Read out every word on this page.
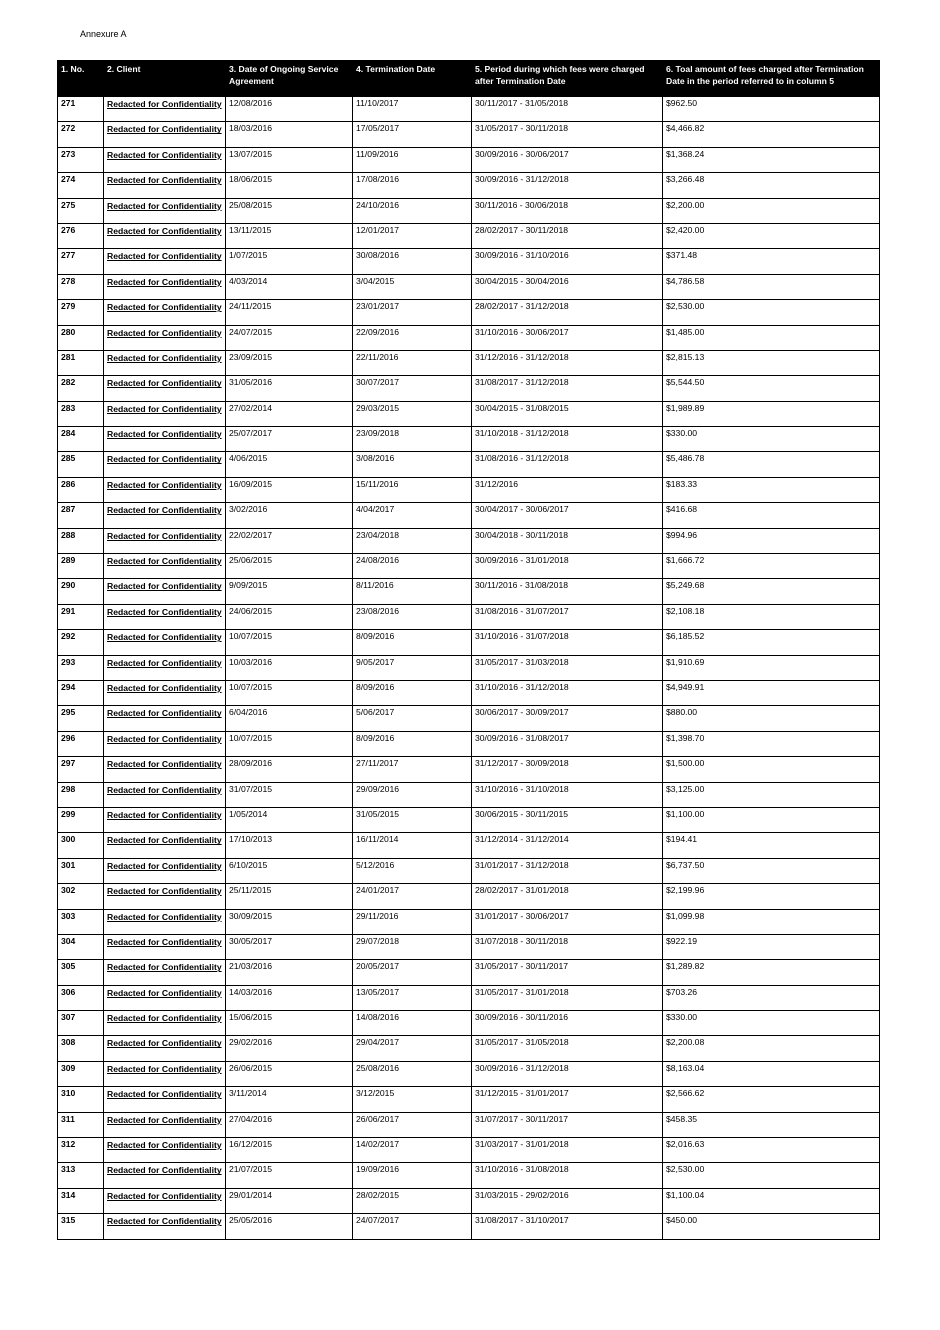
Annexure A
1. No.	2. Client	3. Date of Ongoing Service Agreement	4. Termination Date	5. Period during which fees were charged after Termination Date	6. Toal amount of fees charged after Termination Date in the period referred to in column 5
271	Redacted for Confidentiality	12/08/2016	11/10/2017	30/11/2017 - 31/05/2018	$962.50
272	Redacted for Confidentiality	18/03/2016	17/05/2017	31/05/2017 - 30/11/2018	$4,466.82
273	Redacted for Confidentiality	13/07/2015	11/09/2016	30/09/2016 - 30/06/2017	$1,368.24
274	Redacted for Confidentiality	18/06/2015	17/08/2016	30/09/2016 - 31/12/2018	$3,266.48
275	Redacted for Confidentiality	25/08/2015	24/10/2016	30/11/2016 - 30/06/2018	$2,200.00
276	Redacted for Confidentiality	13/11/2015	12/01/2017	28/02/2017 - 30/11/2018	$2,420.00
277	Redacted for Confidentiality	1/07/2015	30/08/2016	30/09/2016 - 31/10/2016	$371.48
278	Redacted for Confidentiality	4/03/2014	3/04/2015	30/04/2015 - 30/04/2016	$4,786.58
279	Redacted for Confidentiality	24/11/2015	23/01/2017	28/02/2017 - 31/12/2018	$2,530.00
280	Redacted for Confidentiality	24/07/2015	22/09/2016	31/10/2016 - 30/06/2017	$1,485.00
281	Redacted for Confidentiality	23/09/2015	22/11/2016	31/12/2016 - 31/12/2018	$2,815.13
282	Redacted for Confidentiality	31/05/2016	30/07/2017	31/08/2017 - 31/12/2018	$5,544.50
283	Redacted for Confidentiality	27/02/2014	29/03/2015	30/04/2015 - 31/08/2015	$1,989.89
284	Redacted for Confidentiality	25/07/2017	23/09/2018	31/10/2018 - 31/12/2018	$330.00
285	Redacted for Confidentiality	4/06/2015	3/08/2016	31/08/2016 - 31/12/2018	$5,486.78
286	Redacted for Confidentiality	16/09/2015	15/11/2016	31/12/2016	$183.33
287	Redacted for Confidentiality	3/02/2016	4/04/2017	30/04/2017 - 30/06/2017	$416.68
288	Redacted for Confidentiality	22/02/2017	23/04/2018	30/04/2018 - 30/11/2018	$994.96
289	Redacted for Confidentiality	25/06/2015	24/08/2016	30/09/2016 - 31/01/2018	$1,666.72
290	Redacted for Confidentiality	9/09/2015	8/11/2016	30/11/2016 - 31/08/2018	$5,249.68
291	Redacted for Confidentiality	24/06/2015	23/08/2016	31/08/2016 - 31/07/2017	$2,108.18
292	Redacted for Confidentiality	10/07/2015	8/09/2016	31/10/2016 - 31/07/2018	$6,185.52
293	Redacted for Confidentiality	10/03/2016	9/05/2017	31/05/2017 - 31/03/2018	$1,910.69
294	Redacted for Confidentiality	10/07/2015	8/09/2016	31/10/2016 - 31/12/2018	$4,949.91
295	Redacted for Confidentiality	6/04/2016	5/06/2017	30/06/2017 - 30/09/2017	$880.00
296	Redacted for Confidentiality	10/07/2015	8/09/2016	30/09/2016 - 31/08/2017	$1,398.70
297	Redacted for Confidentiality	28/09/2016	27/11/2017	31/12/2017 - 30/09/2018	$1,500.00
298	Redacted for Confidentiality	31/07/2015	29/09/2016	31/10/2016 - 31/10/2018	$3,125.00
299	Redacted for Confidentiality	1/05/2014	31/05/2015	30/06/2015 - 30/11/2015	$1,100.00
300	Redacted for Confidentiality	17/10/2013	16/11/2014	31/12/2014 - 31/12/2014	$194.41
301	Redacted for Confidentiality	6/10/2015	5/12/2016	31/01/2017 - 31/12/2018	$6,737.50
302	Redacted for Confidentiality	25/11/2015	24/01/2017	28/02/2017 - 31/01/2018	$2,199.96
303	Redacted for Confidentiality	30/09/2015	29/11/2016	31/01/2017 - 30/06/2017	$1,099.98
304	Redacted for Confidentiality	30/05/2017	29/07/2018	31/07/2018 - 30/11/2018	$922.19
305	Redacted for Confidentiality	21/03/2016	20/05/2017	31/05/2017 - 30/11/2017	$1,289.82
306	Redacted for Confidentiality	14/03/2016	13/05/2017	31/05/2017 - 31/01/2018	$703.26
307	Redacted for Confidentiality	15/06/2015	14/08/2016	30/09/2016 - 30/11/2016	$330.00
308	Redacted for Confidentiality	29/02/2016	29/04/2017	31/05/2017 - 31/05/2018	$2,200.08
309	Redacted for Confidentiality	26/06/2015	25/08/2016	30/09/2016 - 31/12/2018	$8,163.04
310	Redacted for Confidentiality	3/11/2014	3/12/2015	31/12/2015 - 31/01/2017	$2,566.62
311	Redacted for Confidentiality	27/04/2016	26/06/2017	31/07/2017 - 30/11/2017	$458.35
312	Redacted for Confidentiality	16/12/2015	14/02/2017	31/03/2017 - 31/01/2018	$2,016.63
313	Redacted for Confidentiality	21/07/2015	19/09/2016	31/10/2016 - 31/08/2018	$2,530.00
314	Redacted for Confidentiality	29/01/2014	28/02/2015	31/03/2015 - 29/02/2016	$1,100.04
315	Redacted for Confidentiality	25/05/2016	24/07/2017	31/08/2017 - 31/10/2017	$450.00
